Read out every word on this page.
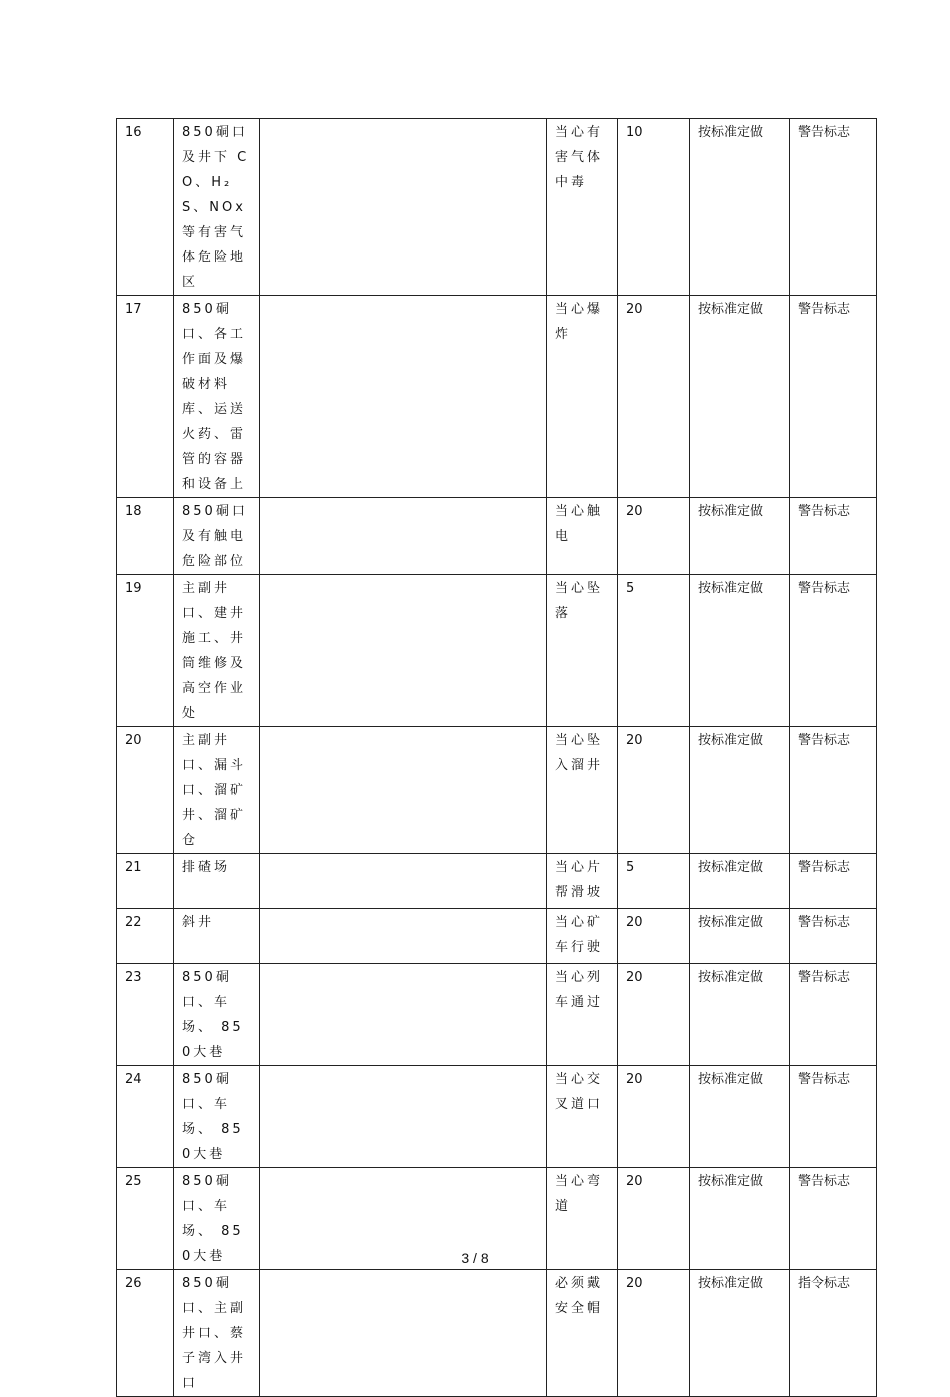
16	850硐口及井下 CO、H₂S、NOx等有害气体危险地区		当心有害气体中毒	10	按标准定做	警告标志
17	850硐口、各工作面及爆破材料库、运送火药、雷管的容器和设备上		当心爆炸	20	按标准定做	警告标志
18	850硐口及有触电危险部位		当心触电	20	按标准定做	警告标志
19	主副井口、建井施工、井筒维修及高空作业处		当心坠落	5	按标准定做	警告标志
20	主副井口、漏斗口、溜矿井、溜矿仓		当心坠入溜井	20	按标准定做	警告标志
21	排碴场		当心片帮滑坡	5	按标准定做	警告标志
22	斜井		当心矿车行驶	20	按标准定做	警告标志
23	850硐口、车场、 850大巷		当心列车通过	20	按标准定做	警告标志
24	850硐口、车场、 850大巷		当心交叉道口	20	按标准定做	警告标志
25	850硐口、车场、 850大巷		当心弯道	20	按标准定做	警告标志
26	850硐口、主副井口、蔡子湾入井口		必须戴安全帽	20	按标准定做	指令标志
3 / 8
